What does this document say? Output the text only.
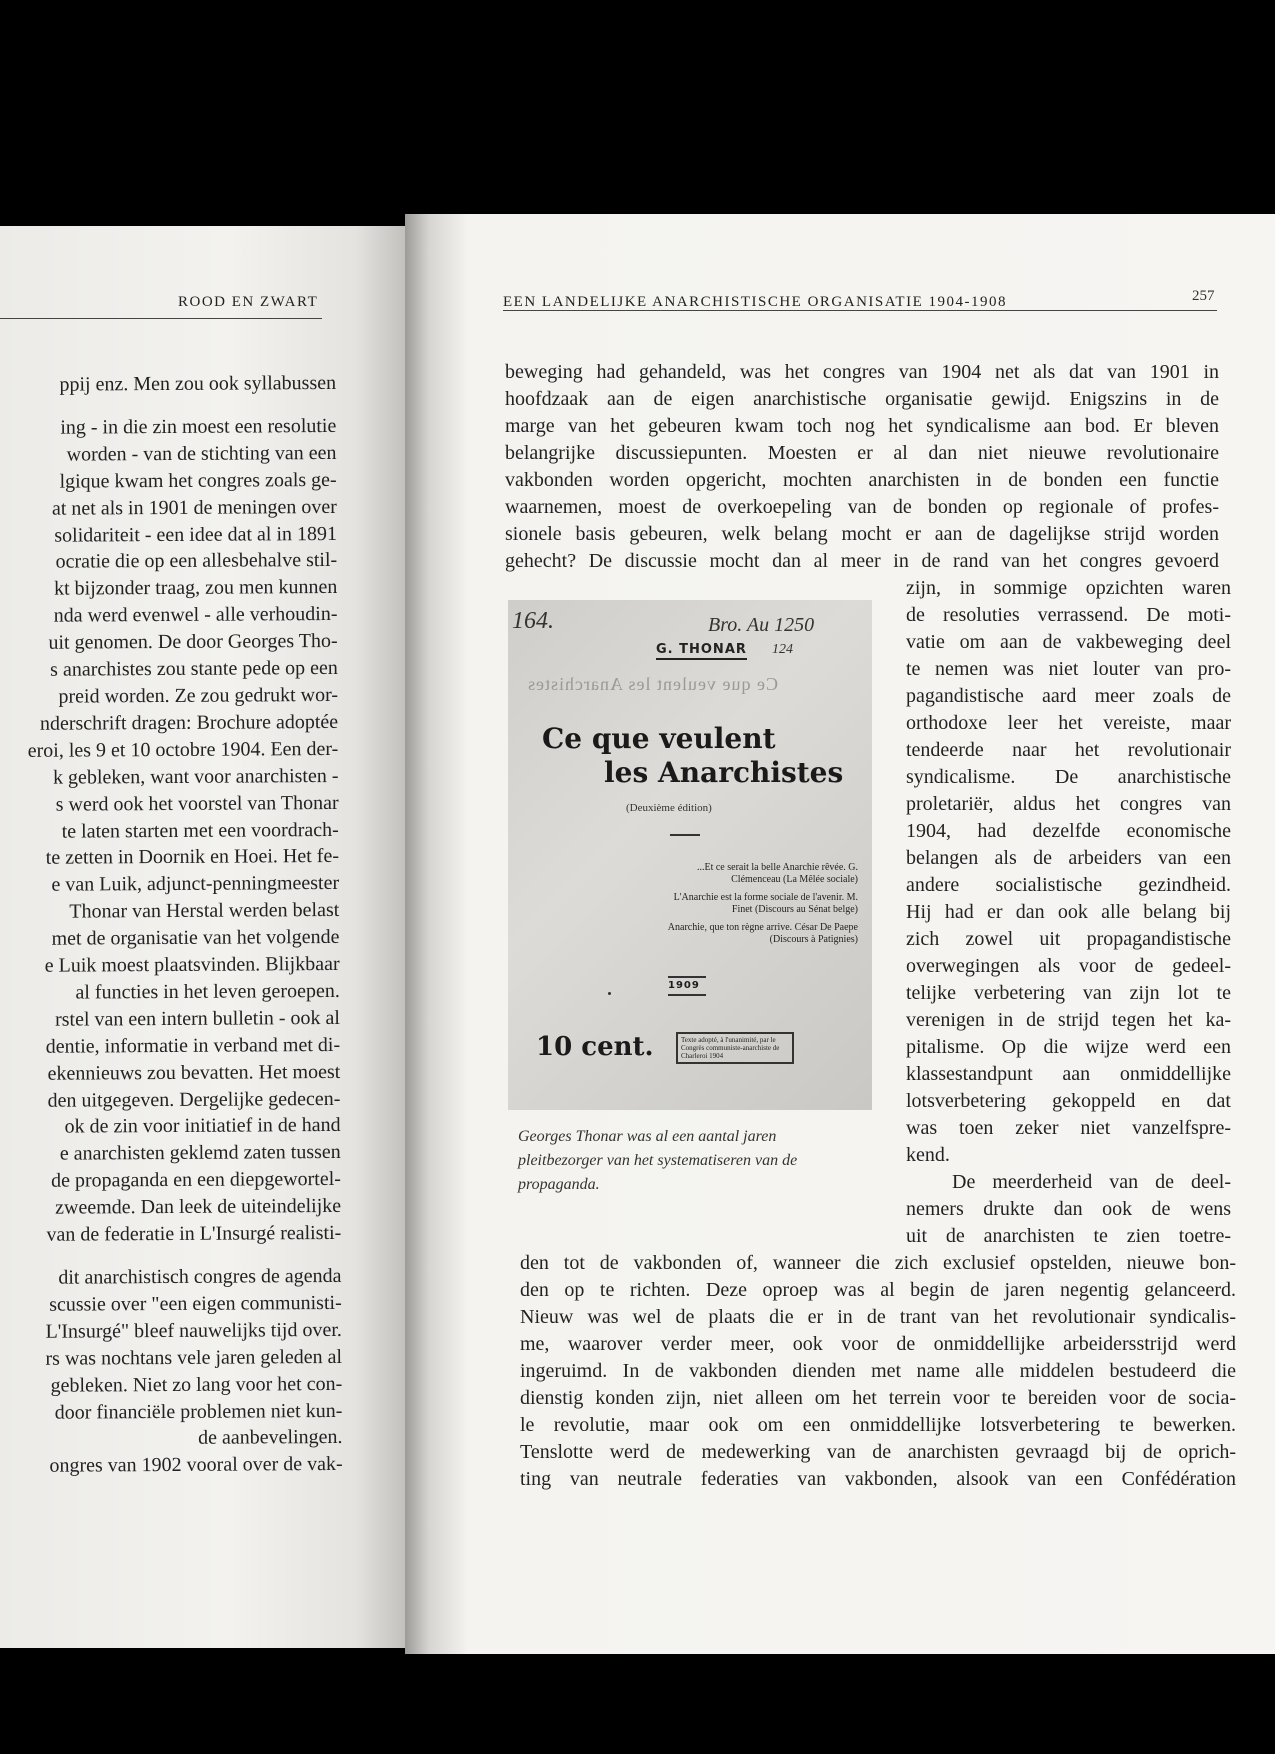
ROOD EN ZWART
ppij enz. Men zou ook syllabussen
ing - in die zin moest een resolutie
worden - van de stichting van een
lgique kwam het congres zoals ge-
at net als in 1901 de meningen over
solidariteit - een idee dat al in 1891
ocratie die op een allesbehalve stil-
kt bijzonder traag, zou men kunnen
nda werd evenwel - alle verhoudin-
uit genomen. De door Georges Tho-
s anarchistes zou stante pede op een
preid worden. Ze zou gedrukt wor-
nderschrift dragen: Brochure adoptée
eroi, les 9 et 10 octobre 1904. Een der-
k gebleken, want voor anarchisten -
s werd ook het voorstel van Thonar
te laten starten met een voordrach-
te zetten in Doornik en Hoei. Het fe-
e van Luik, adjunct-penningmeester
Thonar van Herstal werden belast
met de organisatie van het volgende
e Luik moest plaatsvinden. Blijkbaar
al functies in het leven geroepen.
rstel van een intern bulletin - ook al
dentie, informatie in verband met di-
ekennieuws zou bevatten. Het moest
den uitgegeven. Dergelijke gedecen-
ok de zin voor initiatief in de hand
e anarchisten geklemd zaten tussen
de propaganda en een diepgewortel-
zweemde. Dan leek de uiteindelijke
van de federatie in L'Insurgé realisti-
dit anarchistisch congres de agenda
scussie over "een eigen communisti-
L'Insurgé" bleef nauwelijks tijd over.
rs was nochtans vele jaren geleden al
gebleken. Niet zo lang voor het con-
door financiële problemen niet kun-
de aanbevelingen.
ongres van 1902 vooral over de vak-
EEN LANDELIJKE ANARCHISTISCHE ORGANISATIE 1904-1908	257
beweging had gehandeld, was het congres van 1904 net als dat van 1901 in
hoofdzaak aan de eigen anarchistische organisatie gewijd. Enigszins in de
marge van het gebeuren kwam toch nog het syndicalisme aan bod. Er bleven
belangrijke discussiepunten. Moesten er al dan niet nieuwe revolutionaire
vakbonden worden opgericht, mochten anarchisten in de bonden een functie
waarnemen, moest de overkoepeling van de bonden op regionale of profes-
sionele basis gebeuren, welk belang mocht er aan de dagelijkse strijd worden
gehecht? De discussie mocht dan al meer in de rand van het congres gevoerd
Ce que veulent les Anarchistes
164.	Bro. Au 1250
124
G. THONAR
Ce que veulent
les Anarchistes
(Deuxième édition)
...Et ce serait la belle Anarchie rêvée. G. Clémenceau (La Mêlée sociale)
L'Anarchie est la forme sociale de l'avenir. M. Finet (Discours au Sénat belge)
Anarchie, que ton règne arrive. César De Paepe (Discours à Patignies)
1909
10 cent.	Texte adopté, à l'unanimité, par le Congrès communiste-anarchiste de Charleroi 1904
Georges Thonar was al een aantal jaren
pleitbezorger van het systematiseren van de
propaganda.
zijn, in sommige opzichten waren
de resoluties verrassend. De moti-
vatie om aan de vakbeweging deel
te nemen was niet louter van pro-
pagandistische aard meer zoals de
orthodoxe leer het vereiste, maar
tendeerde naar het revolutionair
syndicalisme. De anarchistische
proletariër, aldus het congres van
1904, had dezelfde economische
belangen als de arbeiders van een
andere socialistische gezindheid.
Hij had er dan ook alle belang bij
zich zowel uit propagandistische
overwegingen als voor de gedeel-
telijke verbetering van zijn lot te
verenigen in de strijd tegen het ka-
pitalisme. Op die wijze werd een
klassestandpunt aan onmiddellijke
lotsverbetering gekoppeld en dat
was toen zeker niet vanzelfspre-
kend.
De meerderheid van de deel-
nemers drukte dan ook de wens
uit de anarchisten te zien toetre-
den tot de vakbonden of, wanneer die zich exclusief opstelden, nieuwe bon-
den op te richten. Deze oproep was al begin de jaren negentig gelanceerd.
Nieuw was wel de plaats die er in de trant van het revolutionair syndicalis-
me, waarover verder meer, ook voor de onmiddellijke arbeidersstrijd werd
ingeruimd. In de vakbonden dienden met name alle middelen bestudeerd die
dienstig konden zijn, niet alleen om het terrein voor te bereiden voor de socia-
le revolutie, maar ook om een onmiddellijke lotsverbetering te bewerken.
Tenslotte werd de medewerking van de anarchisten gevraagd bij de oprich-
ting van neutrale federaties van vakbonden, alsook van een Confédération
